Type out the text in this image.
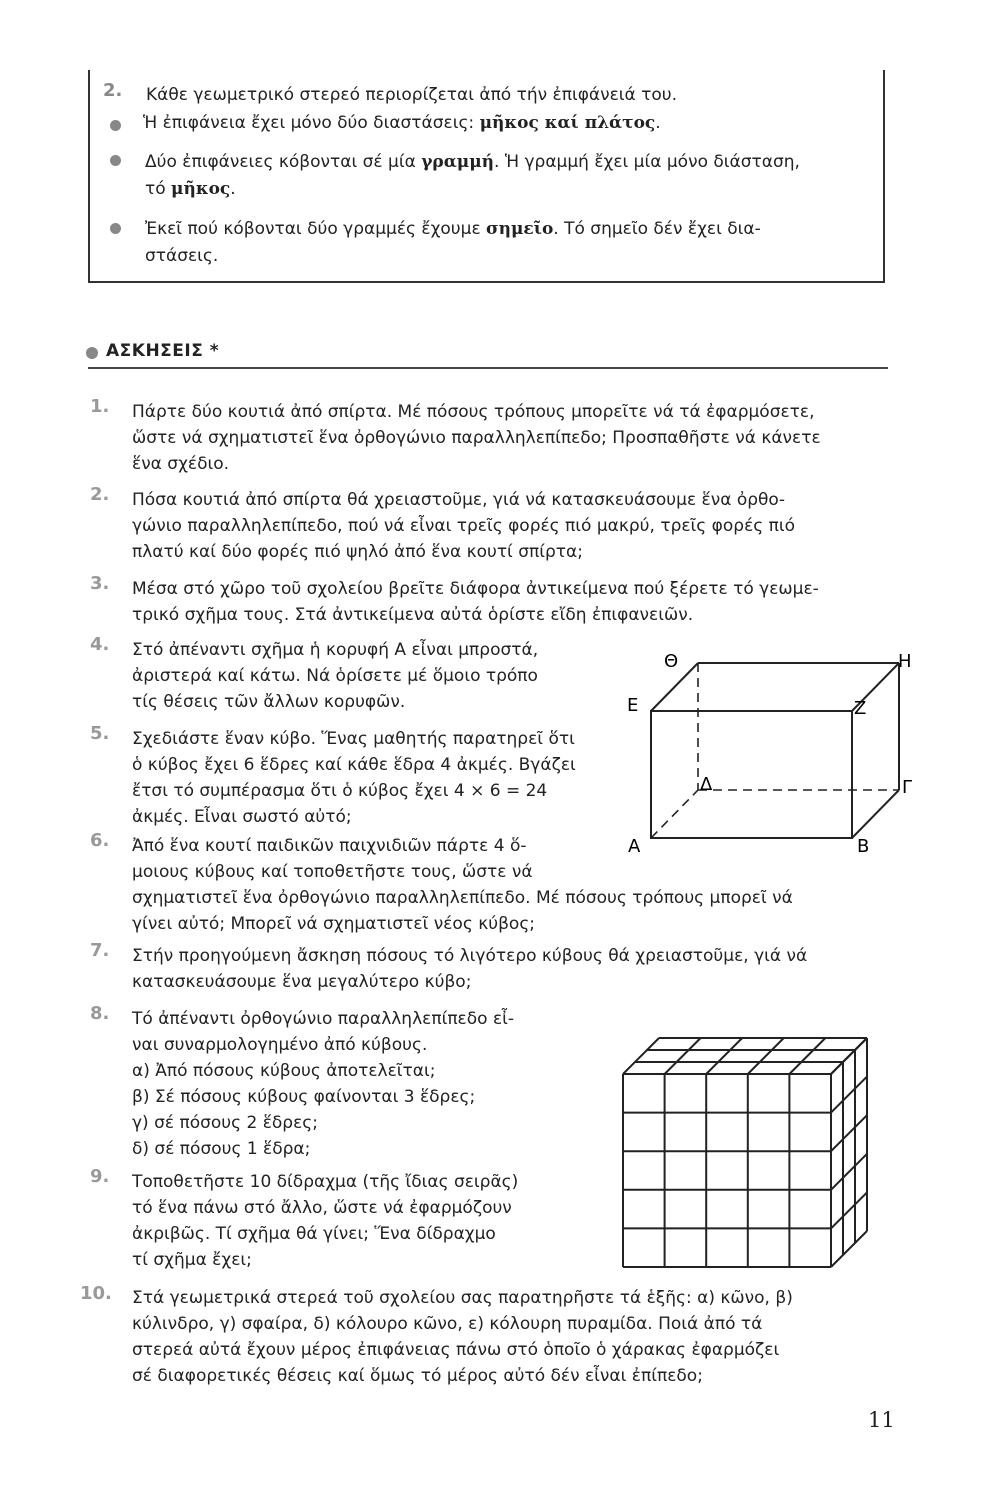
2. Κάθε γεωμετρικό στερεό περιορίζεται ἀπό τήν ἐπιφάνειά του.
Ἡ ἐπιφάνεια ἔχει μόνο δύο διαστάσεις: μῆκος καί πλάτος.
Δύο ἐπιφάνειες κόβονται σέ μία γραμμή. Ἡ γραμμή ἔχει μία μόνο διάσταση,
τό μῆκος.
Ἐκεῖ πού κόβονται δύο γραμμές ἔχουμε σημεῖο. Τό σημεῖο δέν ἔχει δια-
στάσεις.
ΑΣΚΗΣΕΙΣ *
1. Πάρτε δύο κουτιά ἀπό σπίρτα. Μέ πόσους τρόπους μπορεῖτε νά τά ἐφαρμόσετε,
ὥστε νά σχηματιστεῖ ἕνα ὀρθογώνιο παραλληλεπίπεδο; Προσπαθῆστε νά κάνετε
ἕνα σχέδιο.
2. Πόσα κουτιά ἀπό σπίρτα θά χρειαστοῦμε, γιά νά κατασκευάσουμε ἕνα ὀρθο-
γώνιο παραλληλεπίπεδο, πού νά εἶναι τρεῖς φορές πιό μακρύ, τρεῖς φορές πιό
πλατύ καί δύο φορές πιό ψηλό ἀπό ἕνα κουτί σπίρτα;
3. Μέσα στό χῶρο τοῦ σχολείου βρεῖτε διάφορα ἀντικείμενα πού ξέρετε τό γεωμε-
τρικό σχῆμα τους. Στά ἀντικείμενα αὐτά ὁρίστε εἴδη ἐπιφανειῶν.
4. Στό ἀπέναντι σχῆμα ἡ κορυφή Α εἶναι μπροστά,
ἀριστερά καί κάτω. Νά ὁρίσετε μέ ὅμοιο τρόπο
τίς θέσεις τῶν ἄλλων κορυφῶν.
5. Σχεδιάστε ἕναν κύβο. Ἕνας μαθητής παρατηρεῖ ὅτι
ὁ κύβος ἔχει 6 ἕδρες καί κάθε ἕδρα 4 ἀκμές. Βγάζει
ἔτσι τό συμπέρασμα ὅτι ὁ κύβος ἔχει 4 × 6 = 24
ἀκμές. Εἶναι σωστό αὐτό;
6. Ἀπό ἕνα κουτί παιδικῶν παιχνιδιῶν πάρτε 4 ὅ-
μοιους κύβους καί τοποθετῆστε τους, ὥστε νά
σχηματιστεῖ ἕνα ὀρθογώνιο παραλληλεπίπεδο. Μέ πόσους τρόπους μπορεῖ νά
γίνει αὐτό; Μπορεῖ νά σχηματιστεῖ νέος κύβος;
7. Στήν προηγούμενη ἄσκηση πόσους τό λιγότερο κύβους θά χρειαστοῦμε, γιά νά
κατασκευάσουμε ἕνα μεγαλύτερο κύβο;
8. Τό ἀπέναντι ὀρθογώνιο παραλληλεπίπεδο εἶ-
ναι συναρμολογημένο ἀπό κύβους.
α) Ἀπό πόσους κύβους ἀποτελεῖται;
β) Σέ πόσους κύβους φαίνονται 3 ἕδρες;
γ) σέ πόσους 2 ἕδρες;
δ) σέ πόσους 1 ἕδρα;
9. Τοποθετῆστε 10 δίδραχμα (τῆς ἴδιας σειρᾶς)
τό ἕνα πάνω στό ἄλλο, ὥστε νά ἐφαρμόζουν
ἀκριβῶς. Τί σχῆμα θά γίνει; Ἕνα δίδραχμο
τί σχῆμα ἔχει;
10. Στά γεωμετρικά στερεά τοῦ σχολείου σας παρατηρῆστε τά ἑξῆς: α) κῶνο, β)
κύλινδρο, γ) σφαίρα, δ) κόλουρο κῶνο, ε) κόλουρη πυραμίδα. Ποιά ἀπό τά
στερεά αὐτά ἔχουν μέρος ἐπιφάνειας πάνω στό ὁποῖο ὁ χάρακας ἐφαρμόζει
σέ διαφορετικές θέσεις καί ὅμως τό μέρος αὐτό δέν εἶναι ἐπίπεδο;
Θ	Η
Ε	Ζ
Δ	Γ
Α	Β
11
